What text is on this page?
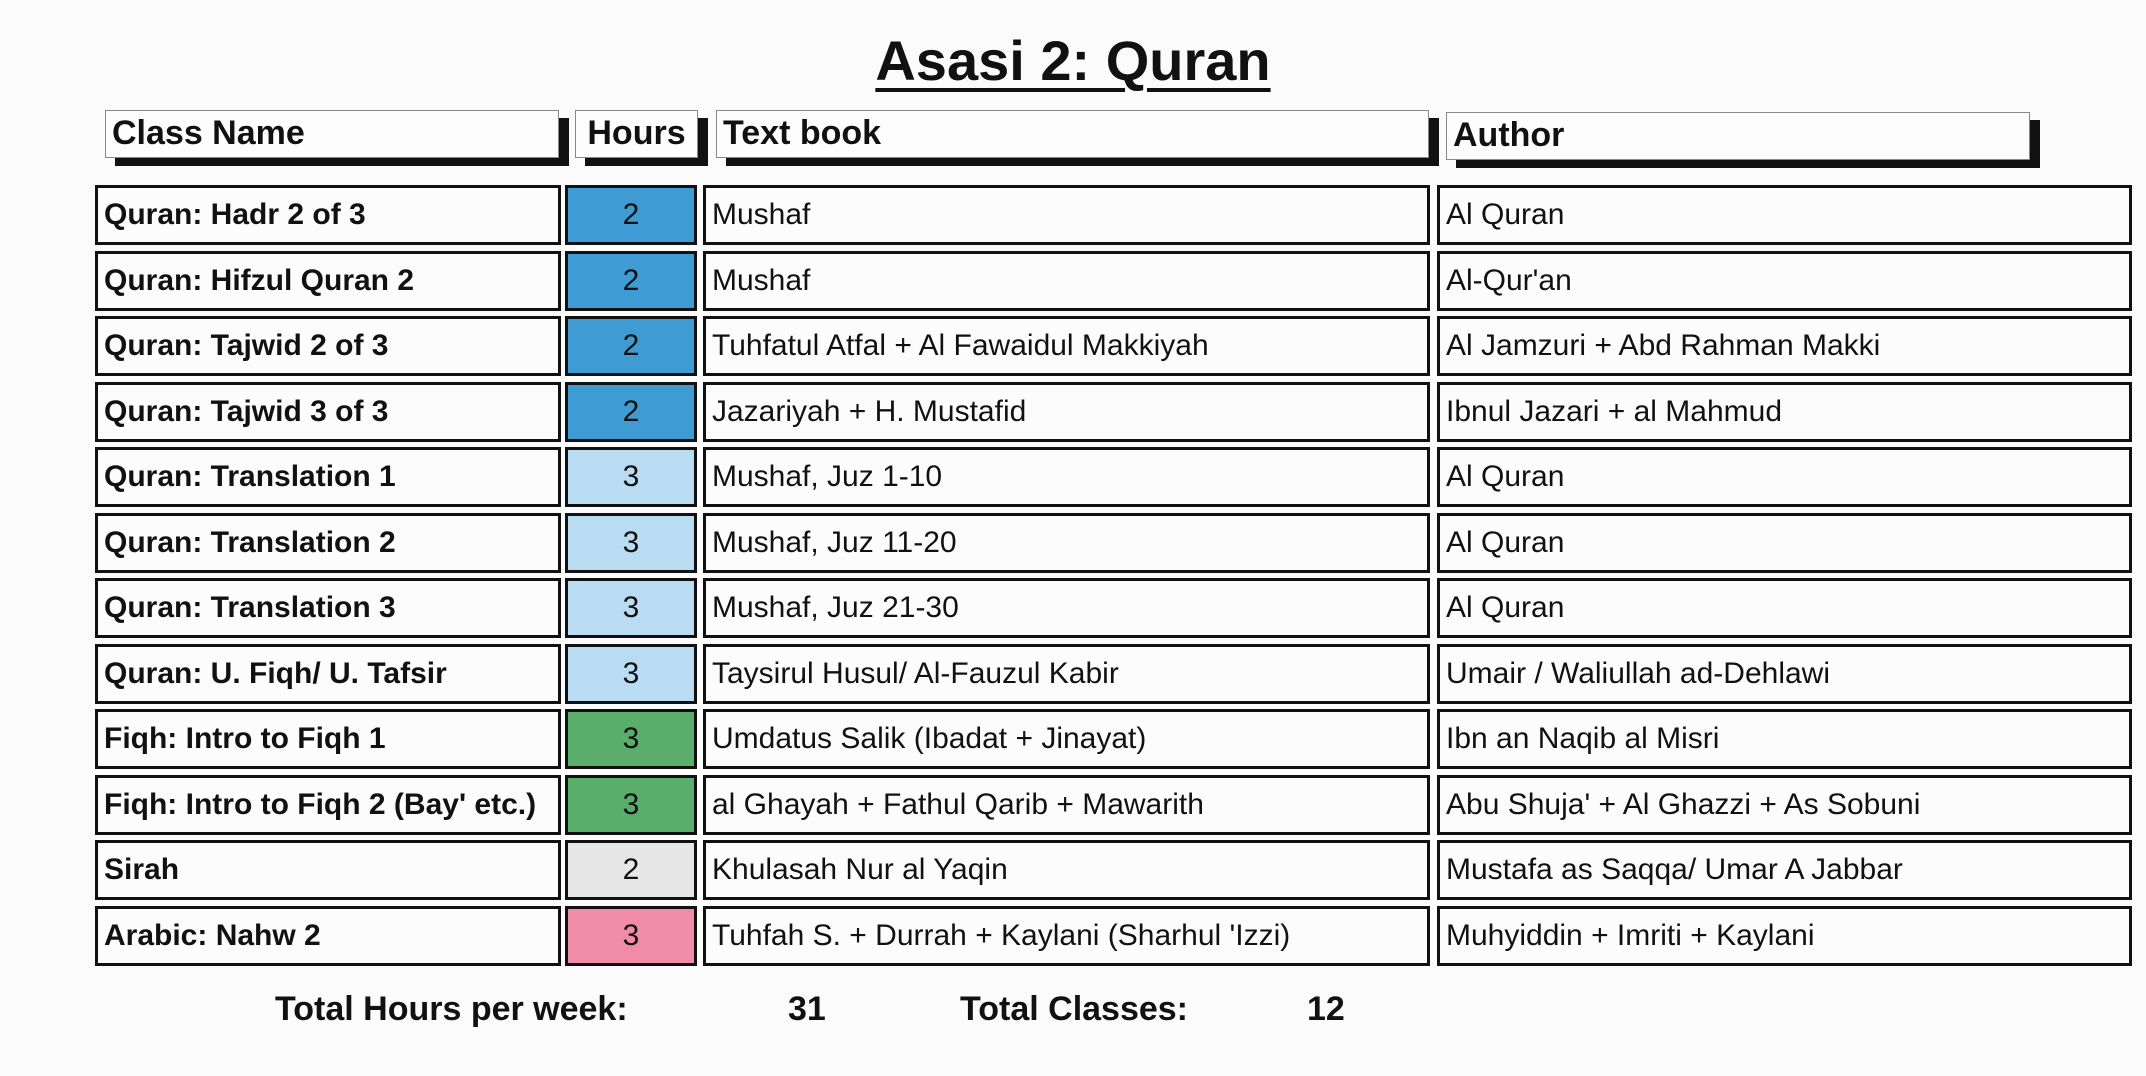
Asasi 2: Quran
Class Name	Hours	Text book	Author
Quran: Hadr 2 of 3	2	Mushaf	Al Quran
Quran: Hifzul Quran 2	2	Mushaf	Al-Qur'an
Quran: Tajwid 2 of 3	2	Tuhfatul Atfal + Al Fawaidul Makkiyah	Al Jamzuri + Abd Rahman Makki
Quran: Tajwid 3 of 3	2	Jazariyah + H. Mustafid	Ibnul Jazari + al Mahmud
Quran: Translation 1	3	Mushaf, Juz 1-10	Al Quran
Quran: Translation 2	3	Mushaf, Juz 11-20	Al Quran
Quran: Translation 3	3	Mushaf, Juz 21-30	Al Quran
Quran: U. Fiqh/ U. Tafsir	3	Taysirul Husul/ Al-Fauzul Kabir	Umair / Waliullah ad-Dehlawi
Fiqh: Intro to Fiqh 1	3	Umdatus Salik (Ibadat + Jinayat)	Ibn an Naqib al Misri
Fiqh: Intro to Fiqh 2 (Bay' etc.)	3	al Ghayah + Fathul Qarib + Mawarith	Abu Shuja' + Al Ghazzi + As Sobuni
Sirah	2	Khulasah Nur al Yaqin	Mustafa as Saqqa/ Umar A Jabbar
Arabic: Nahw 2	3	Tuhfah S. + Durrah + Kaylani (Sharhul 'Izzi)	Muhyiddin + Imriti + Kaylani
Total Hours per week:	31	Total Classes:	12
